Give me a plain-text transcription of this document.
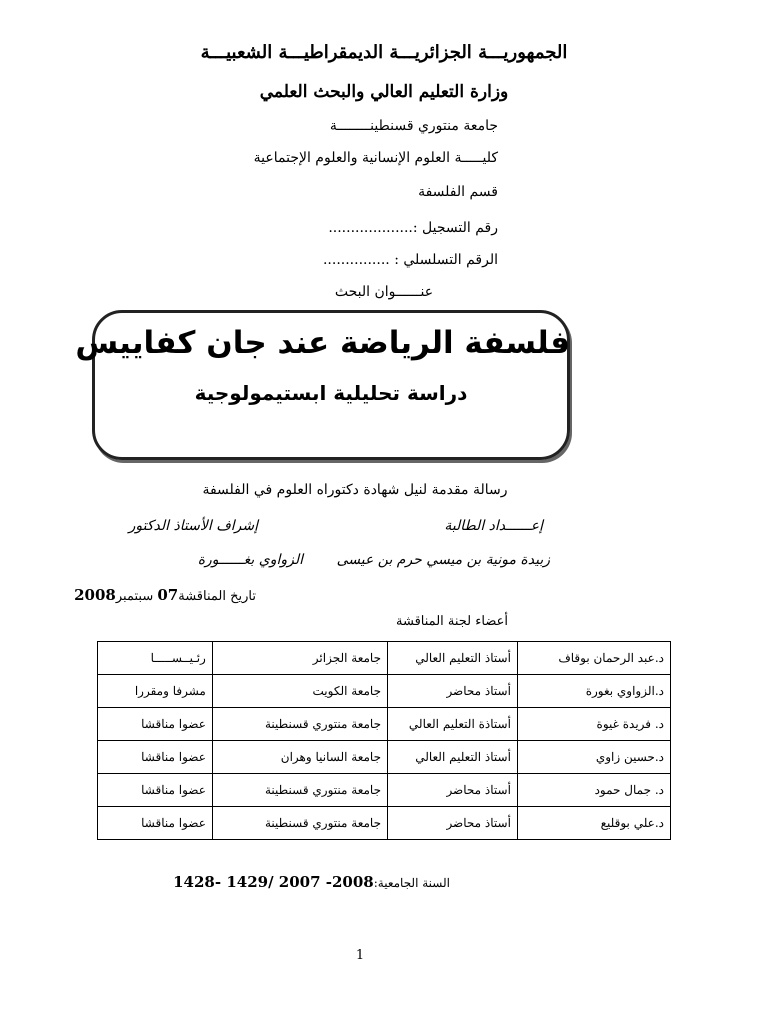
الجمهوريـــة الجزائريـــة الديمقراطيـــة الشعبيـــة
وزارة التعليم العالي والبحث العلمي
جامعة منتوري قسنطينــــــــة
كليـــــة العلوم الإنسانية والعلوم الإجتماعية
قسم الفلسفة
رقم التسجيل :...................
الرقم التسلسلي : ...............
عنــــــوان البحث
فلسفة الرياضة عند جان كفاييس
دراسة تحليلية ابستيمولوجية
رسالة مقدمة لنيل شهادة دكتوراه العلوم في الفلسفة
إعــــــداد الطالبة
إشراف الأستاذ الدكتور
زبيدة مونية بن ميسي حرم بن عيسى
الزواوي بغــــــورة
تاريخ المناقشة07 سبتمبر2008
أعضاء لجنة المناقشة
د.عبد الرحمان بوقاف	أستاذ التعليم العالي	جامعة الجزائر	رئـيــســـــا
د.الزواوي بغورة	أستاذ محاضر	جامعة الكويت	مشرفا ومقررا
د. فريدة غيوة	أستاذة التعليم العالي	جامعة منتوري قسنطينة	عضوا مناقشا
د.حسين زاوي	أستاذ التعليم العالي	جامعة السانيا وهران	عضوا مناقشا
د. جمال حمود	أستاذ محاضر	جامعة منتوري قسنطينة	عضوا مناقشا
د.علي بوقليع	أستاذ محاضر	جامعة منتوري قسنطينة	عضوا مناقشا
السنة الجامعية:1428- 1429/ 2007 -2008
1
